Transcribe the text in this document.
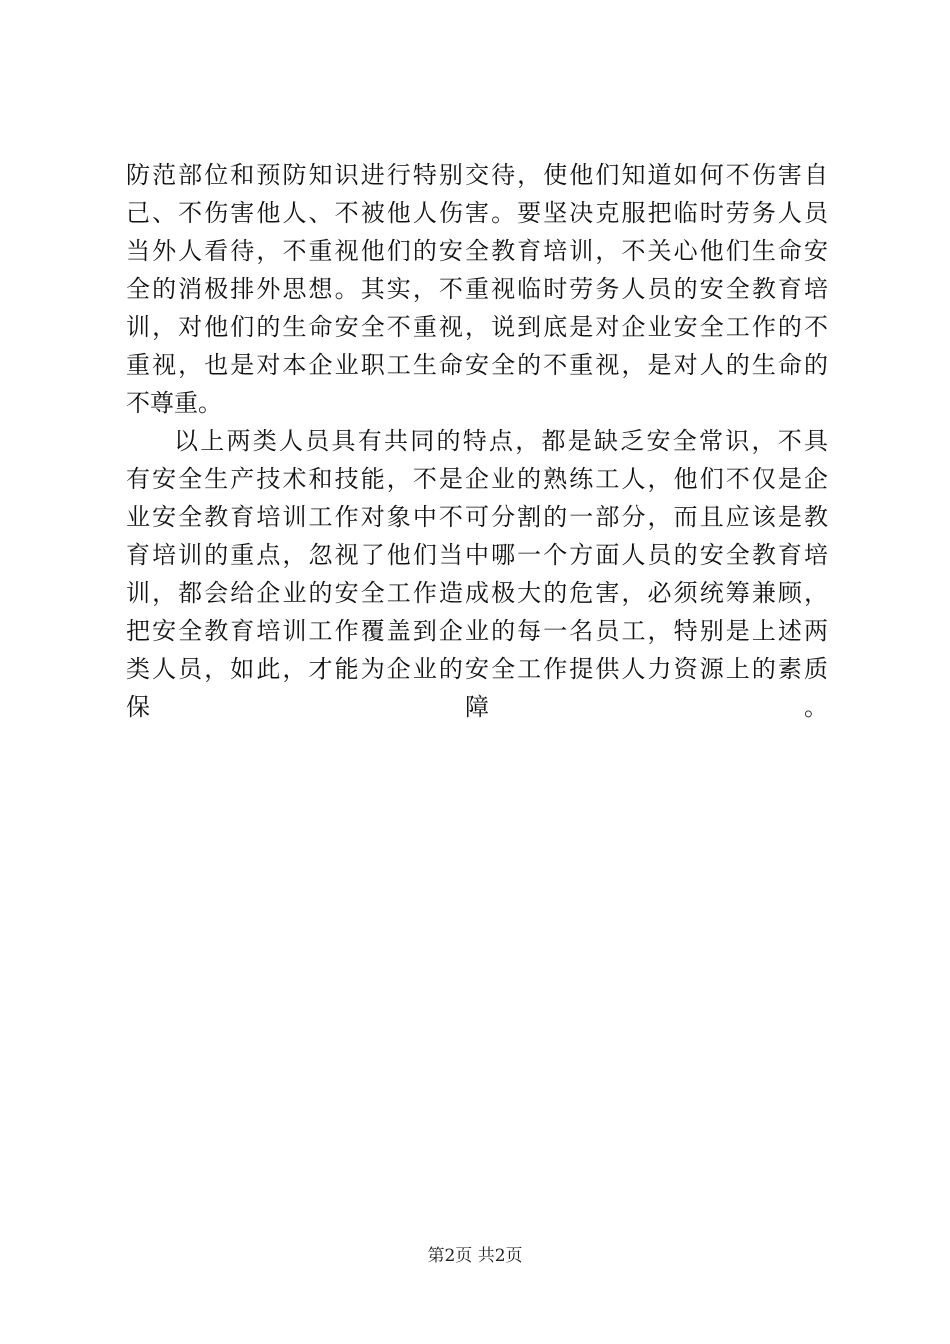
防范部位和预防知识进行特别交待，使他们知道如何不伤害自
己、不伤害他人、不被他人伤害。要坚决克服把临时劳务人员
当外人看待，不重视他们的安全教育培训，不关心他们生命安
全的消极排外思想。其实，不重视临时劳务人员的安全教育培
训，对他们的生命安全不重视，说到底是对企业安全工作的不
重视，也是对本企业职工生命安全的不重视，是对人的生命的
不尊重。
以上两类人员具有共同的特点，都是缺乏安全常识，不具
有安全生产技术和技能，不是企业的熟练工人，他们不仅是企
业安全教育培训工作对象中不可分割的一部分，而且应该是教
育培训的重点，忽视了他们当中哪一个方面人员的安全教育培
训，都会给企业的安全工作造成极大的危害，必须统筹兼顾，
把安全教育培训工作覆盖到企业的每一名员工，特别是上述两
类人员，如此，才能为企业的安全工作提供人力资源上的素质
保障。
第2页 共2页
